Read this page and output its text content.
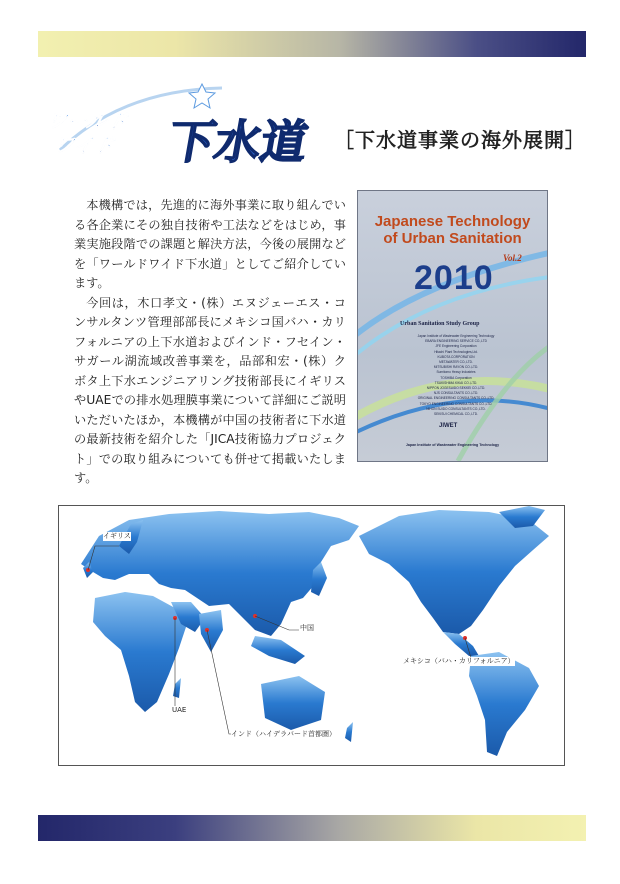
ワールド
ワイド 下水道 ［下水道事業の海外展開］

本機構では，先進的に海外事業に取り組んでいる各企業にその独自技術や工法などをはじめ，事業実施段階での課題と解決方法，今後の展開などを「ワールドワイド下水道」としてご紹介しています。

今回は，木口孝文・(株）エヌジェーエス・コンサルタンツ管理部部長にメキシコ国バハ・カリフォルニアの上下水道およびインド・フセイン・サガール湖流域改善事業を，品部和宏・(株）クボタ上下水エンジニアリング技術部長にイギリスやUAEでの排水処理膜事業について詳細にご説明いただいたほか，本機構が中国の技術者に下水道の最新技術を紹介した「JICA技術協力プロジェクト」での取り組みについても併せて掲載いたします。

Japanese Technology
of Urban Sanitation
Vol.2
2010
Urban Sanitation Study Group
Japan Institute of Wastewater Engineering Technology
EBARA ENGINEERING SERVICE CO.,LTD
JFE Engineering Corporation
Hitachi Plant Technologies,Ltd.
KUBOTA CORPORATION
METAWATER CO.,LTD.
MITSUBISHI RAYON CO.,LTD.
Sumitomo Heavy Industries
TOSHIBA Corporation
TSUKISHIMA KIKAI CO.,LTD.
NIPPON JOGESUIDO SEKKEI CO.,LTD.
NJS CONSULTANTS CO.,LTD.
ORIGINAL ENGINEERING CONSULTANTS CO.,LTD.
TOKYO ENGINEERING CONSULTANTS CO.,LTD.
NIHON SUIDO CONSULTANTS CO.,LTD.
SEKISUI CHEMICAL CO.,LTD.
JIWET
Japan Institute of Wastewater Engineering Technology
イギリス
中国
メキシコ（バハ・カリフォルニア）
UAE
インド（ハイデラバード首都圏）
